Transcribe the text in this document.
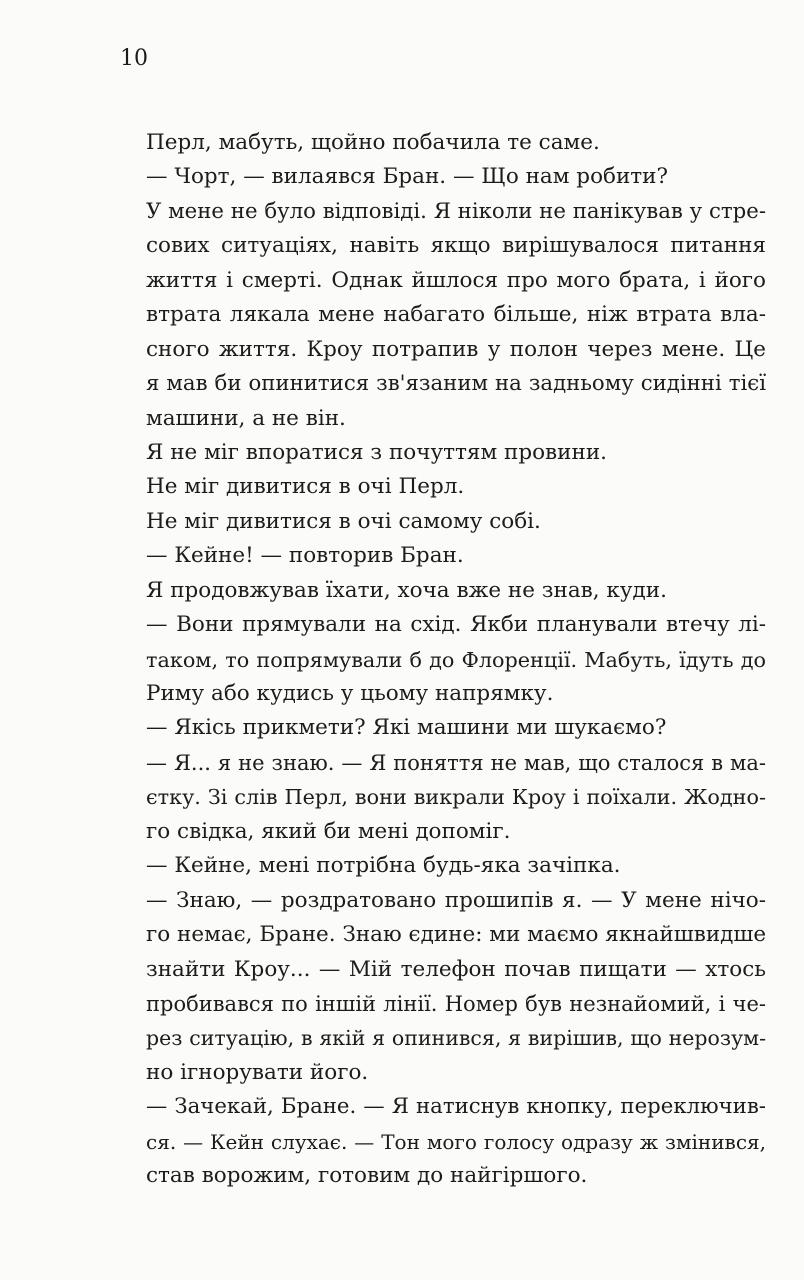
10
Перл, мабуть, щойно побачила те саме.
— Чорт, — вилаявся Бран. — Що нам робити?
У мене не було відповіді. Я ніколи не панікував у стре-
сових ситуаціях, навіть якщо вирішувалося питання
життя і смерті. Однак йшлося про мого брата, і його
втрата лякала мене набагато більше, ніж втрата вла-
сного життя. Кроу потрапив у полон через мене. Це
я мав би опинитися зв'язаним на задньому сидінні тієї
машини, а не він.
Я не міг впоратися з почуттям провини.
Не міг дивитися в очі Перл.
Не міг дивитися в очі самому собі.
— Кейне! — повторив Бран.
Я продовжував їхати, хоча вже не знав, куди.
— Вони прямували на схід. Якби планували втечу лі-
таком, то попрямували б до Флоренції. Мабуть, їдуть до
Риму або кудись у цьому напрямку.
— Якісь прикмети? Які машини ми шукаємо?
— Я... я не знаю. — Я поняття не мав, що сталося в ма-
єтку. Зі слів Перл, вони викрали Кроу і поїхали. Жодно-
го свідка, який би мені допоміг.
— Кейне, мені потрібна будь-яка зачіпка.
— Знаю, — роздратовано прошипів я. — У мене нічо-
го немає, Бране. Знаю єдине: ми маємо якнайшвидше
знайти Кроу... — Мій телефон почав пищати — хтось
пробивався по іншій лінії. Номер був незнайомий, і че-
рез ситуацію, в якій я опинився, я вирішив, що нерозум-
но ігнорувати його.
— Зачекай, Бране. — Я натиснув кнопку, переключив-
ся. — Кейн слухає. — Тон мого голосу одразу ж змінився,
став ворожим, готовим до найгіршого.
